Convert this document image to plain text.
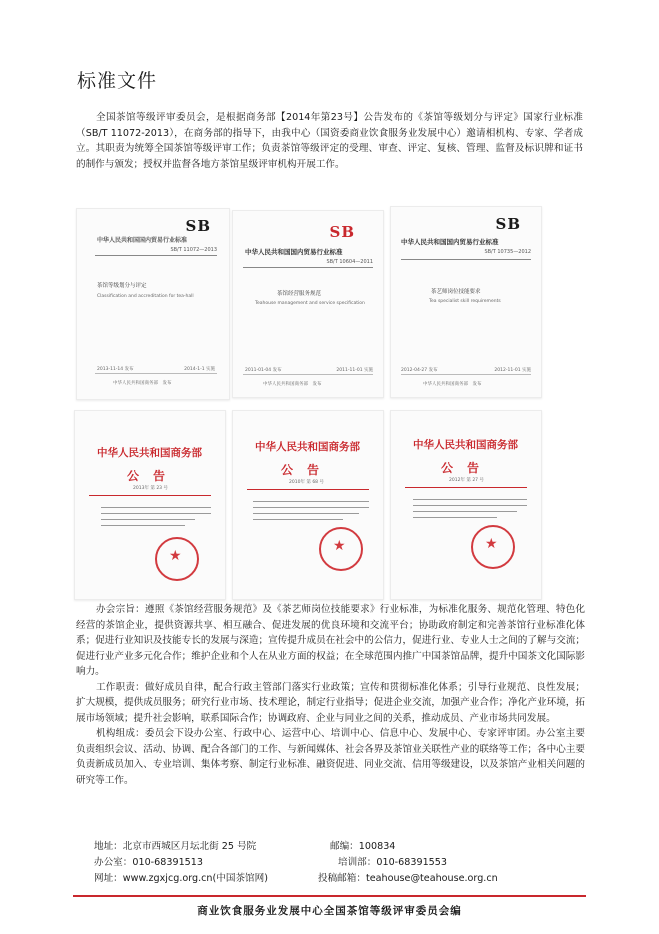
标准文件
全国茶馆等级评审委员会，是根据商务部【2014年第23号】公告发布的《茶馆等级划分与评定》国家行业标准（SB/T 11072-2013），在商务部的指导下，由我中心（国资委商业饮食服务业发展中心）邀请相机构、专家、学者成立。其职责为统筹全国茶馆等级评审工作；负责茶馆等级评定的受理、审查、评定、复核、管理、监督及标识牌和证书的制作与颁发；授权并监督各地方茶馆星级评审机构开展工作。
SB
中华人民共和国国内贸易行业标准
SB/T 11072—2013
茶馆等级划分与评定
Classification and accreditation for tea-hall
2013-11-14 发布	2014-1-1 实施
中华人民共和国商务部　发布
SB
中华人民共和国国内贸易行业标准
SB/T 10604—2011
茶馆经营服务规范
Teahouse management and service specification
2011-01-04 发布	2011-11-01 实施
中华人民共和国商务部　发布
SB
中华人民共和国国内贸易行业标准
SB/T 10735—2012
茶艺师岗位技能要求
Tea specialist skill requirements
2012-04-27 发布	2012-11-01 实施
中华人民共和国商务部　发布
中华人民共和国商务部
公告
2013年 第 23 号
★
中华人民共和国商务部
公告
2010年 第 68 号
★
中华人民共和国商务部
公告
2012年 第 27 号
★

办会宗旨：遵照《茶馆经营服务规范》及《茶艺师岗位技能要求》行业标准，为标准化服务、规范化管理、特色化经营的茶馆企业，提供资源共享、相互融合、促进发展的优良环境和交流平台；协助政府制定和完善茶馆行业标准化体系；促进行业知识及技能专长的发展与深造；宣传提升成员在社会中的公信力，促进行业、专业人士之间的了解与交流；促进行业产业多元化合作；维护企业和个人在从业方面的权益；在全球范围内推广中国茶馆品牌，提升中国茶文化国际影响力。

工作职责：做好成员自律，配合行政主管部门落实行业政策；宣传和贯彻标准化体系；引导行业规范、良性发展；扩大规模，提供成员服务；研究行业市场、技术理论，制定行业指导；促进企业交流，加强产业合作；净化产业环境，拓展市场领域；提升社会影响，联系国际合作；协调政府、企业与同业之间的关系，推动成员、产业市场共同发展。

机构组成：委员会下设办公室、行政中心、运营中心、培训中心、信息中心、发展中心、专家评审团。办公室主要负责组织会议、活动、协调、配合各部门的工作、与新闻媒体、社会各界及茶馆业关联性产业的联络等工作；各中心主要负责新成员加入、专业培训、集体考察、制定行业标准、融资促进、同业交流、信用等级建设，以及茶馆产业相关问题的研究等工作。

地址：北京市西城区月坛北街 25 号院	邮编：100834
办公室：010-68391513	培训部：010-68391553
网址：www.zgxjcg.org.cn(中国茶馆网)	投稿邮箱：teahouse@teahouse.org.cn
商业饮食服务业发展中心全国茶馆等级评审委员会编
